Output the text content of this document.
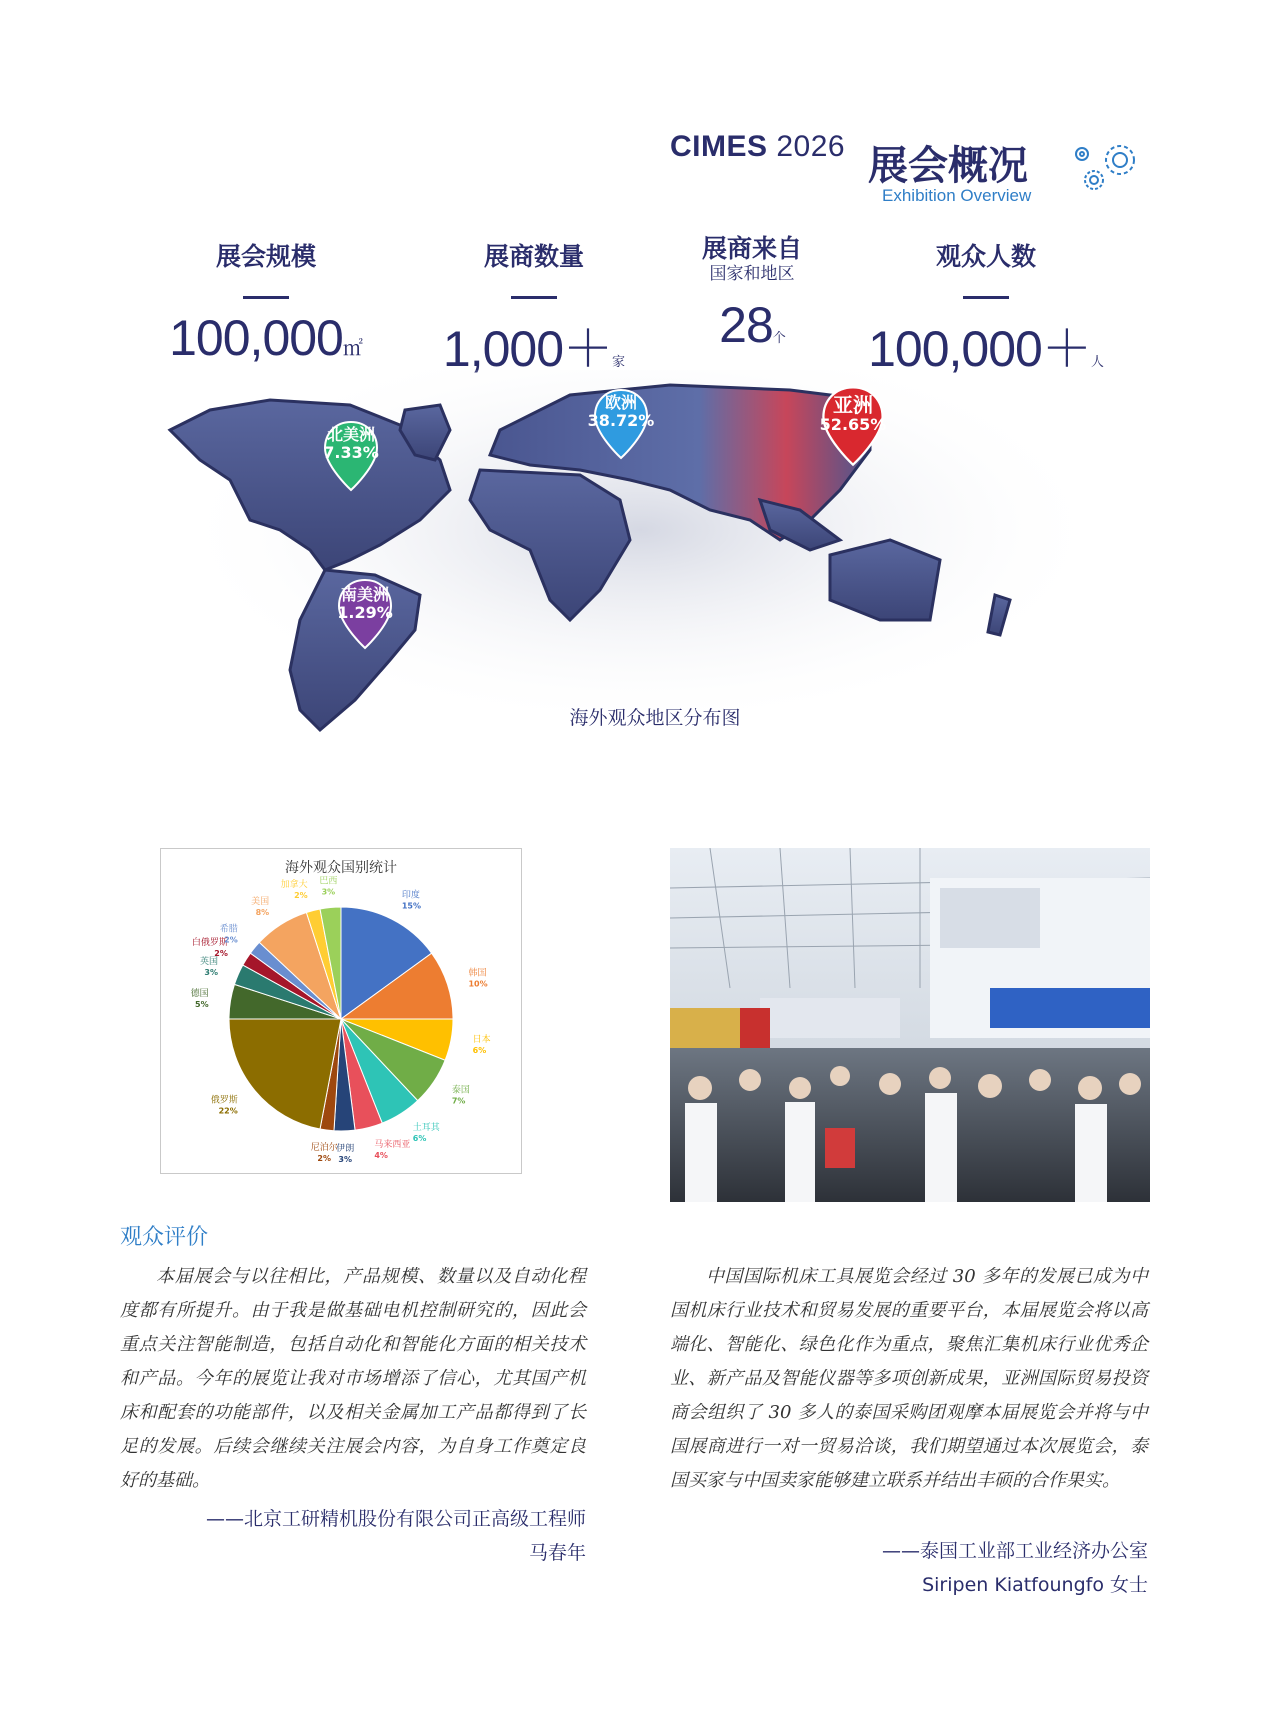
CIMES 2026 展会概况
Exhibition Overview
展会规模
100,000㎡
展商数量
1,000＋家
展商来自
国家和地区
28个
观众人数
100,000＋人
北美洲
7.33%
欧洲
38.72%
亚洲
52.65%
南美洲
1.29%
海外观众地区分布图
海外观众国别统计
印度
15%
韩国
10%
日本
6%
泰国
7%
土耳其
6%
马来西亚
4%
伊朗
3%
尼泊尔
2%
俄罗斯
22%
德国
5%
英国
3%
白俄罗斯
2%
希腊
2%
美国
8%
加拿大
2%
巴西
3%
观众评价
本届展会与以往相比，产品规模、数量以及自动化程度都有所提升。由于我是做基础电机控制研究的，因此会重点关注智能制造，包括自动化和智能化方面的相关技术和产品。今年的展览让我对市场增添了信心，尤其国产机床和配套的功能部件，以及相关金属加工产品都得到了长足的发展。后续会继续关注展会内容，为自身工作奠定良好的基础。
——北京工研精机股份有限公司正高级工程师
马春年
中国国际机床工具展览会经过 30 多年的发展已成为中国机床行业技术和贸易发展的重要平台，本届展览会将以高端化、智能化、绿色化作为重点，聚焦汇集机床行业优秀企业、新产品及智能仪器等多项创新成果，亚洲国际贸易投资商会组织了 30 多人的泰国采购团观摩本届展览会并将与中国展商进行一对一贸易洽谈，我们期望通过本次展览会，泰国买家与中国卖家能够建立联系并结出丰硕的合作果实。
——泰国工业部工业经济办公室
Siripen Kiatfoungfo 女士
